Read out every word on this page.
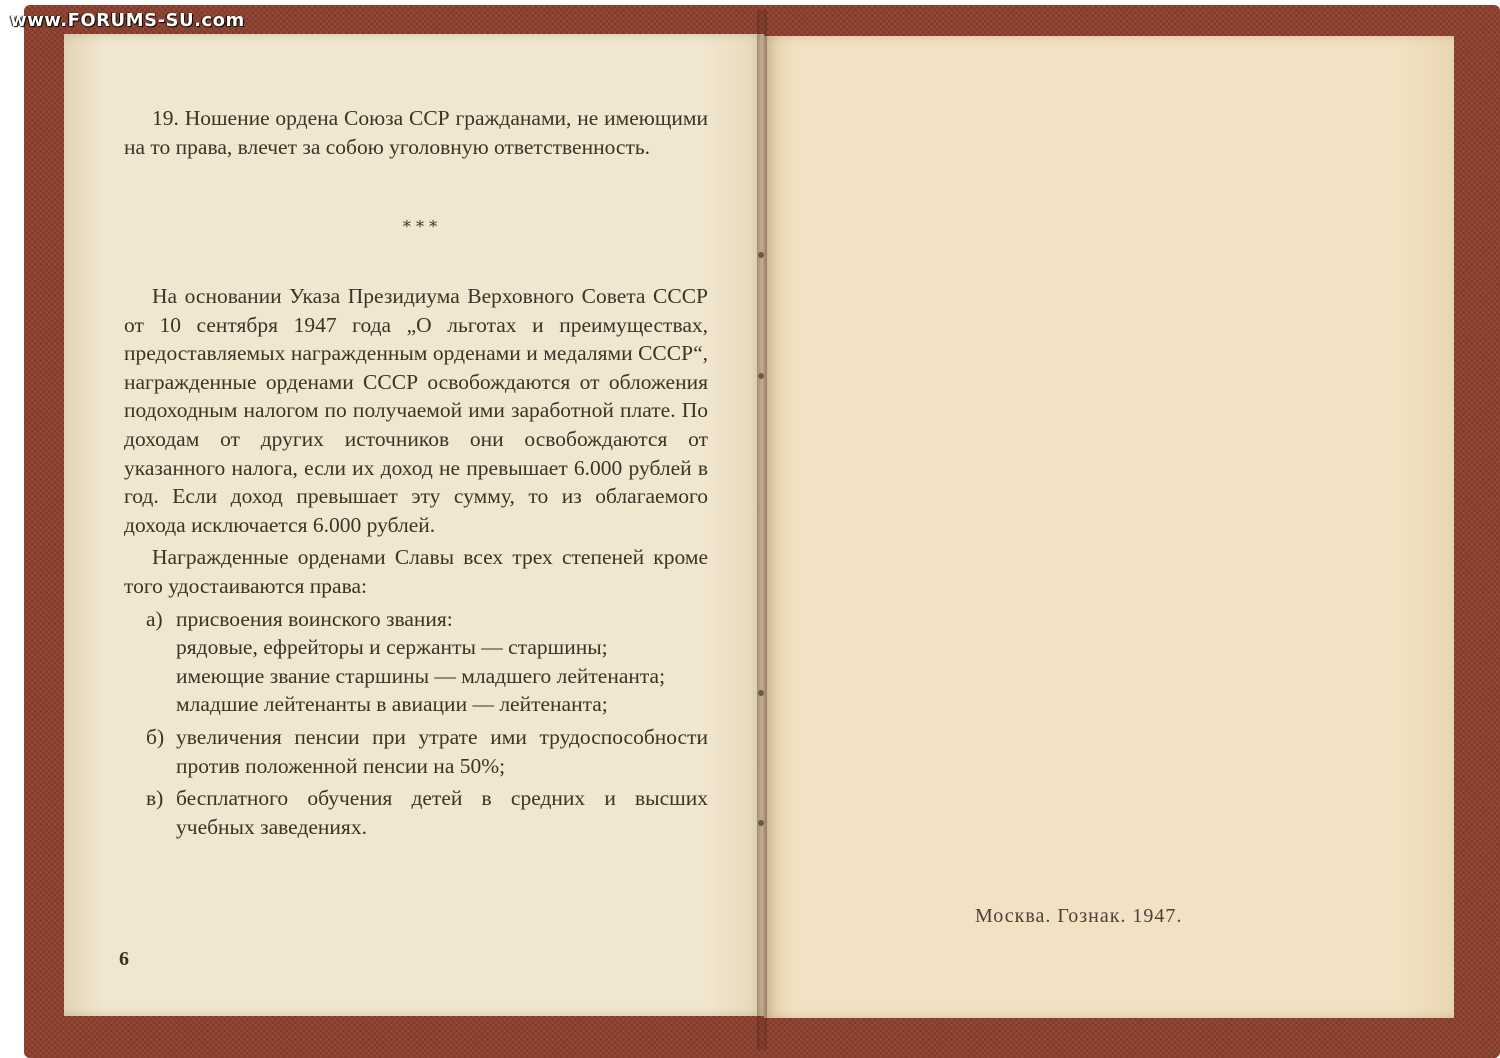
www.FORUMS-SU.com

19. Ношение ордена Союза ССР гражданами, не имеющими на то права, влечет за собою уголовную ответственность.

* * *

На основании Указа Президиума Верховного Совета СССР от 10 сентября 1947 года „О льготах и преимуществах, предоставляемых награжденным орденами и медалями СССР“, награжденные орденами СССР освобождаются от обложения подоходным налогом по получаемой ими заработной плате. По доходам от других источников они освобождаются от указанного налога, если их доход не превышает 6.000 рублей в год. Если доход превышает эту сумму, то из облагаемого дохода исключается 6.000 рублей.

Награжденные орденами Славы всех трех степеней кроме того удостаиваются права:

а) присвоения воинского звания:

рядовые, ефрейторы и сержанты — старшины;

имеющие звание старшины — младшего лейтенанта;

младшие лейтенанты в авиации — лейтенанта;

б) увеличения пенсии при утрате ими трудоспособности против положенной пенсии на 50%;

в) бесплатного обучения детей в средних и высших учебных заведениях.

6
Москва. Гознак. 1947.
